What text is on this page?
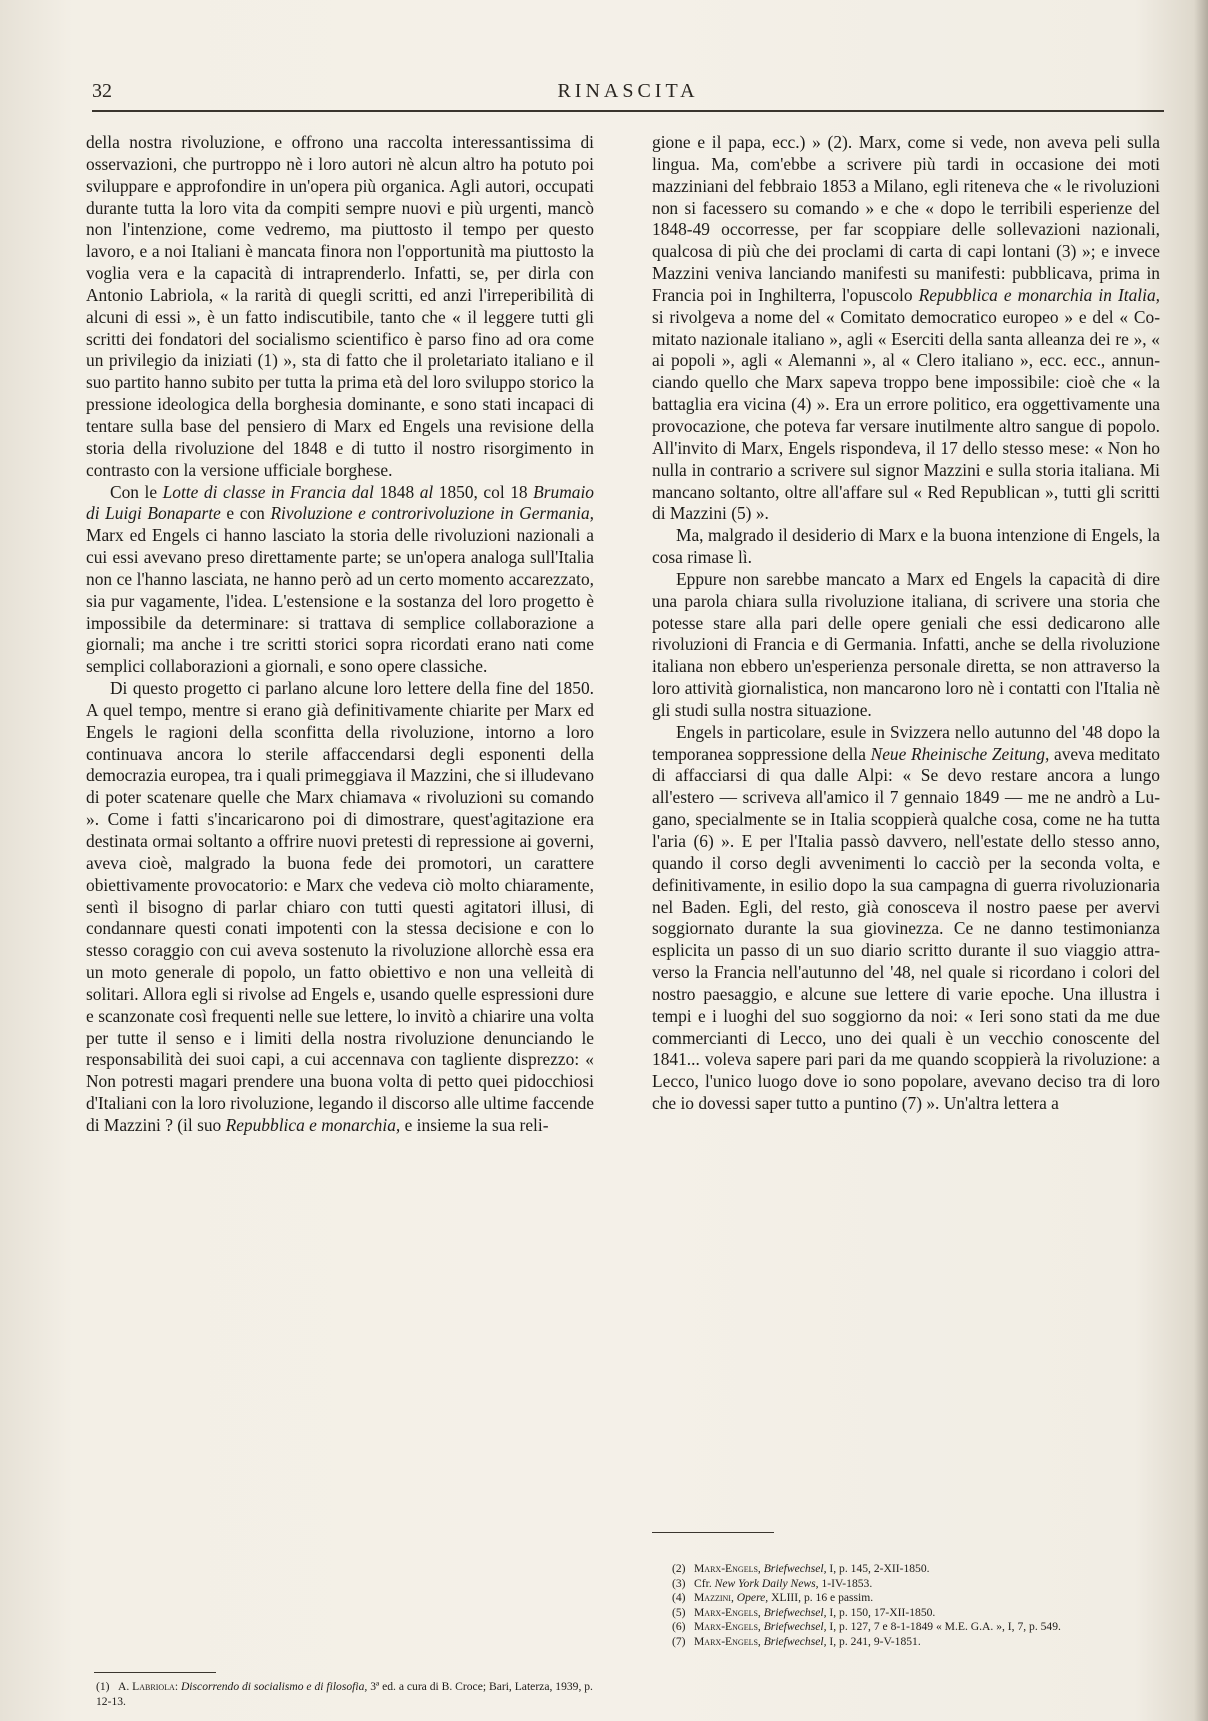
32	RINASCITA

della nostra rivoluzione, e offrono una raccolta interessantissima di osservazioni, che purtroppo nè i loro autori nè alcun altro ha potuto poi sviluppare e approfondire in un'opera più organica. Agli autori, occupati durante tutta la loro vita da compiti sempre nuovi e più urgenti, mancò non l'intenzione, come vedremo, ma piuttosto il tempo per questo lavoro, e a noi Italiani è mancata finora non l'opportunità ma piuttosto la voglia vera e la capacità di intraprenderlo. Infatti, se, per dirla con Antonio Labriola, « la rarità di quegli scritti, ed anzi l'irreperibilità di alcuni di essi », è un fatto indiscutibile, tanto che « il leggere tutti gli scritti dei fondatori del socialismo scientifico è parso fino ad ora come un privilegio da iniziati (1) », sta di fatto che il proletariato italiano e il suo partito hanno subito per tutta la prima età del loro sviluppo storico la pressione ideologica della borghesia dominante, e sono stati incapaci di tentare sulla base del pensiero di Marx ed Engels una revisione della storia della rivoluzione del 1848 e di tutto il nostro risorgimento in contrasto con la versione ufficiale borghese.

Con le Lotte di classe in Francia dal 1848 al 1850, col 18 Brumaio di Luigi Bonaparte e con Rivoluzione e controrivoluzione in Germania, Marx ed Engels ci hanno lasciato la storia delle rivoluzioni nazionali a cui essi avevano preso direttamente parte; se un'opera analoga sull'Italia non ce l'hanno lasciata, ne hanno però ad un certo momento accarezzato, sia pur vagamente, l'idea. L'estensione e la sostanza del loro progetto è impossibile da determinare: si trattava di semplice collaborazione a giornali; ma anche i tre scritti storici sopra ricordati erano nati come semplici collaborazioni a giornali, e sono opere classiche.

Di questo progetto ci parlano alcune loro lettere della fine del 1850. A quel tempo, mentre si erano già definitivamente chiarite per Marx ed Engels le ragioni della sconfitta della rivoluzione, intorno a loro continuava ancora lo sterile affaccendarsi degli esponenti della democrazia europea, tra i quali primeggiava il Mazzini, che si illudevano di poter scatenare quelle che Marx chiamava « rivoluzioni su comando ». Come i fatti s'incaricarono poi di dimostrare, quest'agitazione era destinata ormai soltanto a offrire nuovi pretesti di repressione ai governi, aveva cioè, malgrado la buona fede dei promotori, un carattere obiettivamente provocatorio: e Marx che vedeva ciò molto chiaramente, sentì il bisogno di parlar chiaro con tutti questi agitatori illusi, di condannare questi conati impotenti con la stessa decisione e con lo stesso coraggio con cui aveva sostenuto la rivoluzione allorchè essa era un moto generale di popolo, un fatto obiettivo e non una velleità di solitari. Allora egli si rivolse ad Engels e, usando quelle espressioni dure e scanzonate così frequenti nelle sue lettere, lo invitò a chiarire una volta per tutte il senso e i limiti della nostra rivoluzione denunciando le responsabilità dei suoi capi, a cui accennava con tagliente disprezzo: « Non potresti magari prendere una buona volta di petto quei pidocchiosi d'Italiani con la loro rivoluzione, legando il discorso alle ultime faccende di Mazzini ? (il suo Repubblica e monarchia, e insieme la sua reli-

gione e il papa, ecc.) » (2). Marx, come si vede, non aveva peli sulla lingua. Ma, com'ebbe a scrivere più tardi in occasione dei moti mazziniani del febbraio 1853 a Milano, egli riteneva che « le rivoluzioni non si facessero su comando » e che « dopo le terribili esperienze del 1848-49 occorresse, per far scoppiare delle sollevazioni nazionali, qualcosa di più che dei proclami di carta di capi lontani (3) »; e invece Mazzini veniva lanciando manifesti su manifesti: pubblicava, prima in Francia poi in Inghilterra, l'opuscolo Repubblica e monarchia in Italia, si rivolgeva a nome del « Comitato democratico europeo » e del « Comitato nazionale italiano », agli « Eserciti della santa alleanza dei re », « ai popoli », agli « Alemanni », al « Clero italiano », ecc. ecc., annunciando quello che Marx sapeva troppo bene impossibile: cioè che « la battaglia era vicina (4) ». Era un errore politico, era oggettivamente una provocazione, che poteva far versare inutilmente altro sangue di popolo. All'invito di Marx, Engels rispondeva, il 17 dello stesso mese: « Non ho nulla in contrario a scrivere sul signor Mazzini e sulla storia italiana. Mi mancano soltanto, oltre all'affare sul « Red Republican », tutti gli scritti di Mazzini (5) ».

Ma, malgrado il desiderio di Marx e la buona intenzione di Engels, la cosa rimase lì.

Eppure non sarebbe mancato a Marx ed Engels la capacità di dire una parola chiara sulla rivoluzione italiana, di scrivere una storia che potesse stare alla pari delle opere geniali che essi dedicarono alle rivoluzioni di Francia e di Germania. Infatti, anche se della rivoluzione italiana non ebbero un'esperienza personale diretta, se non attraverso la loro attività giornalistica, non mancarono loro nè i contatti con l'Italia nè gli studi sulla nostra situazione.

Engels in particolare, esule in Svizzera nello autunno del '48 dopo la temporanea soppressione della Neue Rheinische Zeitung, aveva meditato di affacciarsi di qua dalle Alpi: « Se devo restare ancora a lungo all'estero — scriveva all'amico il 7 gennaio 1849 — me ne andrò a Lugano, specialmente se in Italia scoppierà qualche cosa, come ne ha tutta l'aria (6) ». E per l'Italia passò davvero, nell'estate dello stesso anno, quando il corso degli avvenimenti lo cacciò per la seconda volta, e definitivamente, in esilio dopo la sua campagna di guerra rivoluzionaria nel Baden. Egli, del resto, già conosceva il nostro paese per avervi soggiornato durante la sua giovinezza. Ce ne danno testimonianza esplicita un passo di un suo diario scritto durante il suo viaggio attraverso la Francia nell'autunno del '48, nel quale si ricordano i colori del nostro paesaggio, e alcune sue lettere di varie epoche. Una illustra i tempi e i luoghi del suo soggiorno da noi: « Ieri sono stati da me due commercianti di Lecco, uno dei quali è un vecchio conoscente del 1841... voleva sapere pari pari da me quando scoppierà la rivoluzione: a Lecco, l'unico luogo dove io sono popolare, avevano deciso tra di loro che io dovessi saper tutto a puntino (7) ». Un'altra lettera a

(2) Marx-Engels, Briefwechsel, I, p. 145, 2-XII-1850.

(3) Cfr. New York Daily News, 1-IV-1853.

(4) Mazzini, Opere, XLIII, p. 16 e passim.

(5) Marx-Engels, Briefwechsel, I, p. 150, 17-XII-1850.

(6) Marx-Engels, Briefwechsel, I, p. 127, 7 e 8-1-1849 « M.E. G.A. », I, 7, p. 549.

(7) Marx-Engels, Briefwechsel, I, p. 241, 9-V-1851.

(1) A. Labriola: Discorrendo di socialismo e di filosofia, 3ª ed. a cura di B. Croce; Bari, Laterza, 1939, p. 12-13.
